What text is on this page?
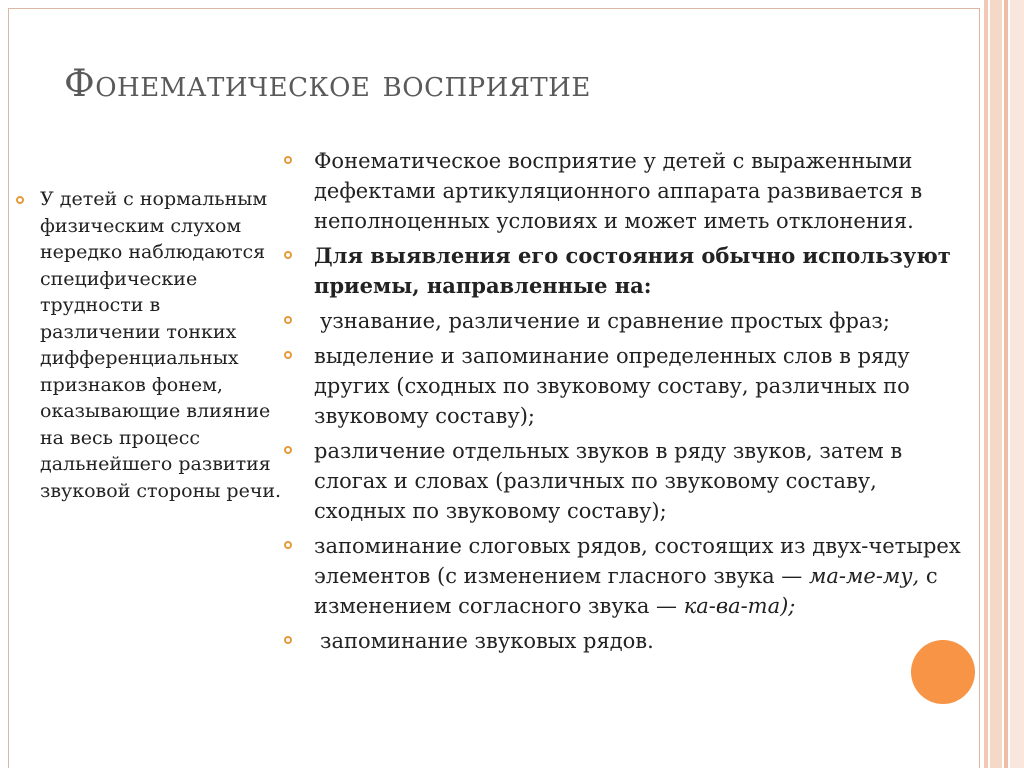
Фонематическое восприятие
У детей с нормальным физическим слухом нередко наблюдаются специфические трудности в различении тонких дифференциальных признаков фонем, оказывающие влияние на весь процесс дальнейшего развития звуковой стороны речи.
Фонематическое восприятие у детей с выраженными дефектами артикуляционного аппарата развивается в неполноценных условиях и может иметь отклонения.
Для выявления его состояния обычно используют приемы, направленные на:
узнавание, различение и сравнение простых фраз;
выделение и запоминание определенных слов в ряду других (сходных по звуковому составу, различных по звуковому составу);
различение отдельных звуков в ряду звуков, затем в слогах и словах (различных по звуковому составу, сходных по звуковому составу);
запоминание слоговых рядов, состоящих из двух-четырех элементов (с изменением гласного звука — ма-ме-му, с изменением согласного звука — ка-ва-та);
запоминание звуковых рядов.
